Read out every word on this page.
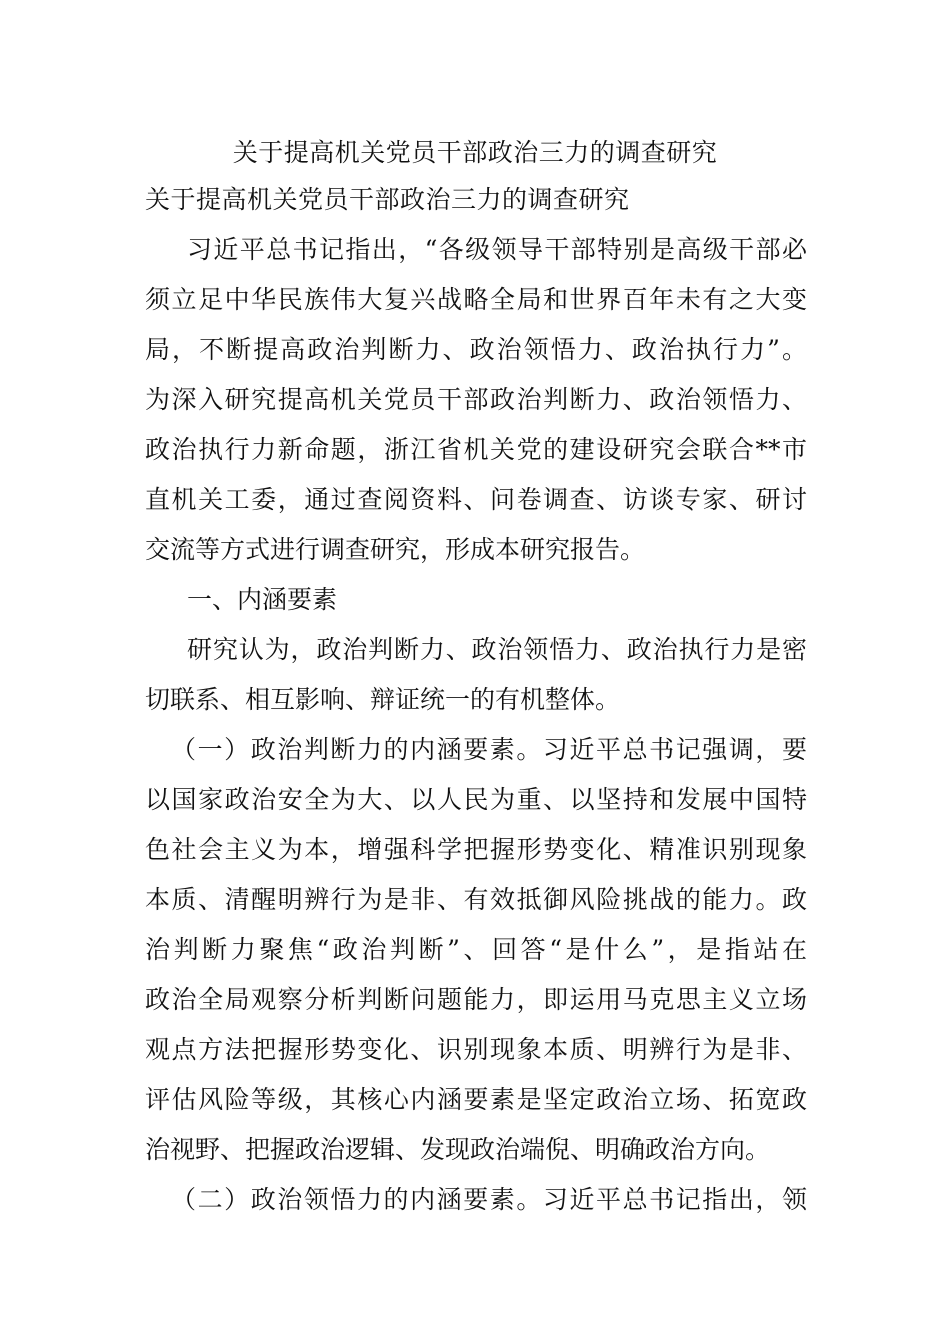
关于提高机关党员干部政治三力的调查研究
关于提高机关党员干部政治三力的调查研究
习近平总书记指出，“各级领导干部特别是高级干部必
须立足中华民族伟大复兴战略全局和世界百年未有之大变
局，不断提高政治判断力、政治领悟力、政治执行力”。
为深入研究提高机关党员干部政治判断力、政治领悟力、
政治执行力新命题，浙江省机关党的建设研究会联合**市
直机关工委，通过查阅资料、问卷调查、访谈专家、研讨
交流等方式进行调查研究，形成本研究报告。
一、内涵要素
研究认为，政治判断力、政治领悟力、政治执行力是密
切联系、相互影响、辩证统一的有机整体。
（一）政治判断力的内涵要素。习近平总书记强调，要
以国家政治安全为大、以人民为重、以坚持和发展中国特
色社会主义为本，增强科学把握形势变化、精准识别现象
本质、清醒明辨行为是非、有效抵御风险挑战的能力。政
治判断力聚焦“政治判断”、回答“是什么”，是指站在
政治全局观察分析判断问题能力，即运用马克思主义立场
观点方法把握形势变化、识别现象本质、明辨行为是非、
评估风险等级，其核心内涵要素是坚定政治立场、拓宽政
治视野、把握政治逻辑、发现政治端倪、明确政治方向。
（二）政治领悟力的内涵要素。习近平总书记指出，领
